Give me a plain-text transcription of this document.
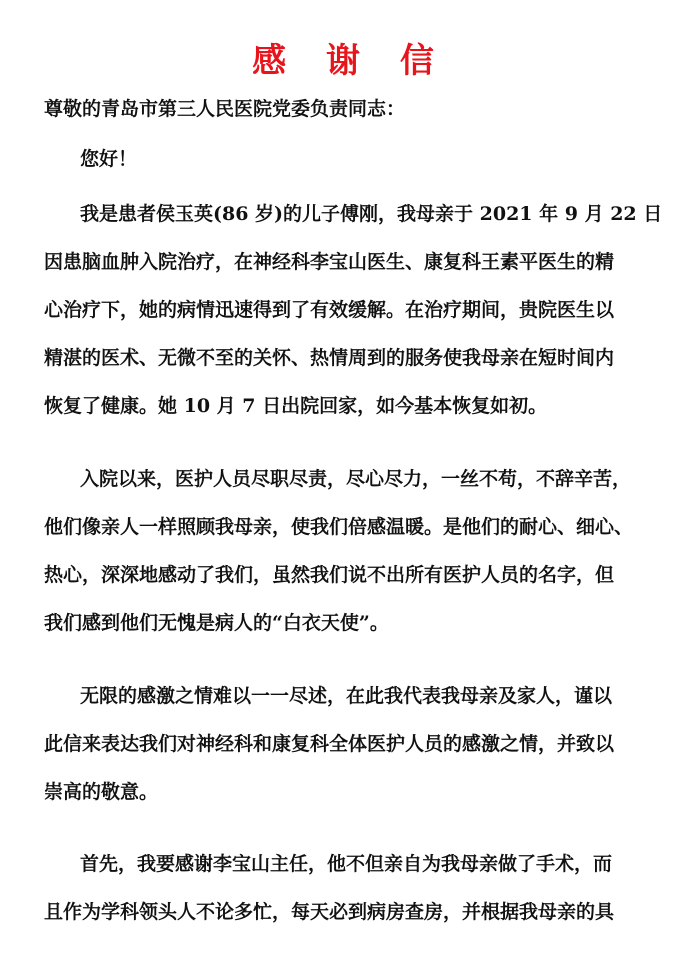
感 谢 信
尊敬的青岛市第三人民医院党委负责同志：
您好！
我是患者侯玉英(86 岁)的儿子傅刚，我母亲于 2021 年 9 月 22 日
因患脑血肿入院治疗，在神经科李宝山医生、康复科王素平医生的精
心治疗下，她的病情迅速得到了有效缓解。在治疗期间，贵院医生以
精湛的医术、无微不至的关怀、热情周到的服务使我母亲在短时间内
恢复了健康。她 10 月 7 日出院回家，如今基本恢复如初。
入院以来，医护人员尽职尽责，尽心尽力，一丝不苟，不辞辛苦，
他们像亲人一样照顾我母亲，使我们倍感温暖。是他们的耐心、细心、
热心，深深地感动了我们，虽然我们说不出所有医护人员的名字，但
我们感到他们无愧是病人的“白衣天使”。
无限的感激之情难以一一尽述，在此我代表我母亲及家人，谨以
此信来表达我们对神经科和康复科全体医护人员的感激之情，并致以
崇高的敬意。
首先，我要感谢李宝山主任，他不但亲自为我母亲做了手术，而
且作为学科领头人不论多忙，每天必到病房查房，并根据我母亲的具
